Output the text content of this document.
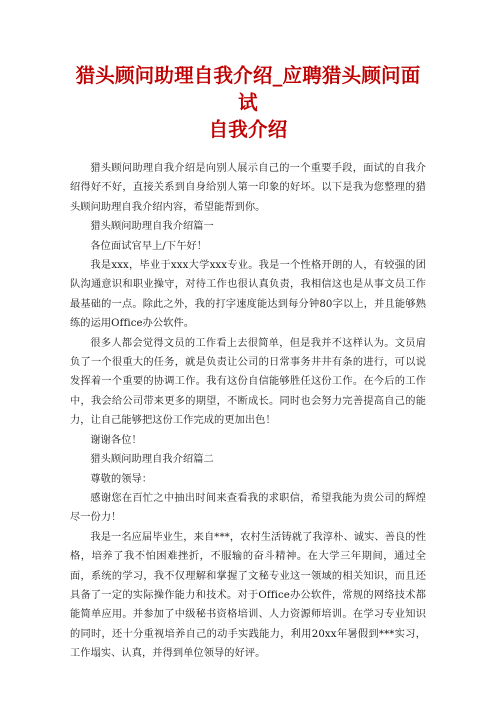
猎头顾问助理自我介绍_应聘猎头顾问面试
自我介绍

猎头顾问助理自我介绍是向别人展示自己的一个重要手段，面试的自我介绍得好不好，直接关系到自身给别人第一印象的好坏。以下是我为您整理的猎头顾问助理自我介绍内容，希望能帮到你。

猎头顾问助理自我介绍篇一

各位面试官早上/下午好！

我是xxx，毕业于xxx大学xxx专业。我是一个性格开朗的人，有较强的团队沟通意识和职业操守，对待工作也很认真负责，我相信这也是从事文员工作最基础的一点。除此之外，我的打字速度能达到每分钟80字以上，并且能够熟练的运用Office办公软件。

很多人都会觉得文员的工作看上去很简单，但是我并不这样认为。文员肩负了一个很重大的任务，就是负责让公司的日常事务井井有条的进行，可以说发挥着一个重要的协调工作。我有这份自信能够胜任这份工作。在今后的工作中，我会给公司带来更多的期望，不断成长。同时也会努力完善提高自己的能力，让自己能够把这份工作完成的更加出色！

谢谢各位！

猎头顾问助理自我介绍篇二

尊敬的领导：

感谢您在百忙之中抽出时间来查看我的求职信，希望我能为贵公司的辉煌尽一份力！

我是一名应届毕业生，来自***，农村生活铸就了我淳朴、诚实、善良的性格，培养了我不怕困难挫折，不服输的奋斗精神。在大学三年期间，通过全面，系统的学习，我不仅理解和掌握了文秘专业这一领域的相关知识，而且还具备了一定的实际操作能力和技术。对于Office办公软件，常规的网络技术都能简单应用。并参加了中级秘书资格培训、人力资源师培训。在学习专业知识的同时，还十分重视培养自己的动手实践能力，利用20xx年暑假到***实习，工作塌实、认真，并得到单位领导的好评。
